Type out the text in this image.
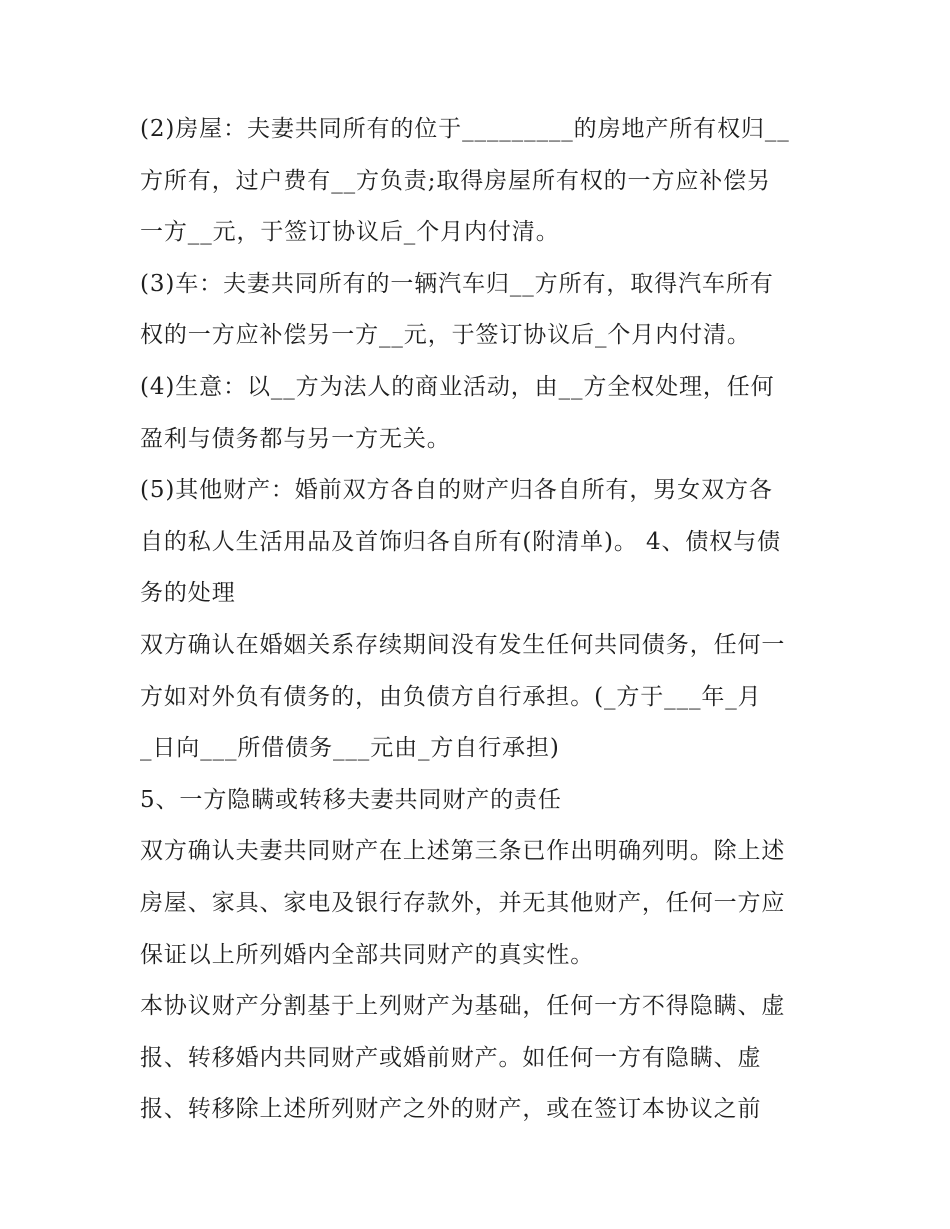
(2)房屋：夫妻共同所有的位于_________的房地产所有权归__
方所有，过户费有__方负责;取得房屋所有权的一方应补偿另
一方__元，于签订协议后_个月内付清。
(3)车：夫妻共同所有的一辆汽车归__方所有，取得汽车所有
权的一方应补偿另一方__元，于签订协议后_个月内付清。
(4)生意：以__方为法人的商业活动，由__方全权处理，任何
盈利与债务都与另一方无关。
(5)其他财产：婚前双方各自的财产归各自所有，男女双方各
自的私人生活用品及首饰归各自所有(附清单)。 4、债权与债
务的处理
双方确认在婚姻关系存续期间没有发生任何共同债务，任何一
方如对外负有债务的，由负债方自行承担。(_方于___年_月
_日向___所借债务___元由_方自行承担)
5、一方隐瞒或转移夫妻共同财产的责任
双方确认夫妻共同财产在上述第三条已作出明确列明。除上述
房屋、家具、家电及银行存款外，并无其他财产，任何一方应
保证以上所列婚内全部共同财产的真实性。
本协议财产分割基于上列财产为基础，任何一方不得隐瞒、虚
报、转移婚内共同财产或婚前财产。如任何一方有隐瞒、虚
报、转移除上述所列财产之外的财产，或在签订本协议之前
